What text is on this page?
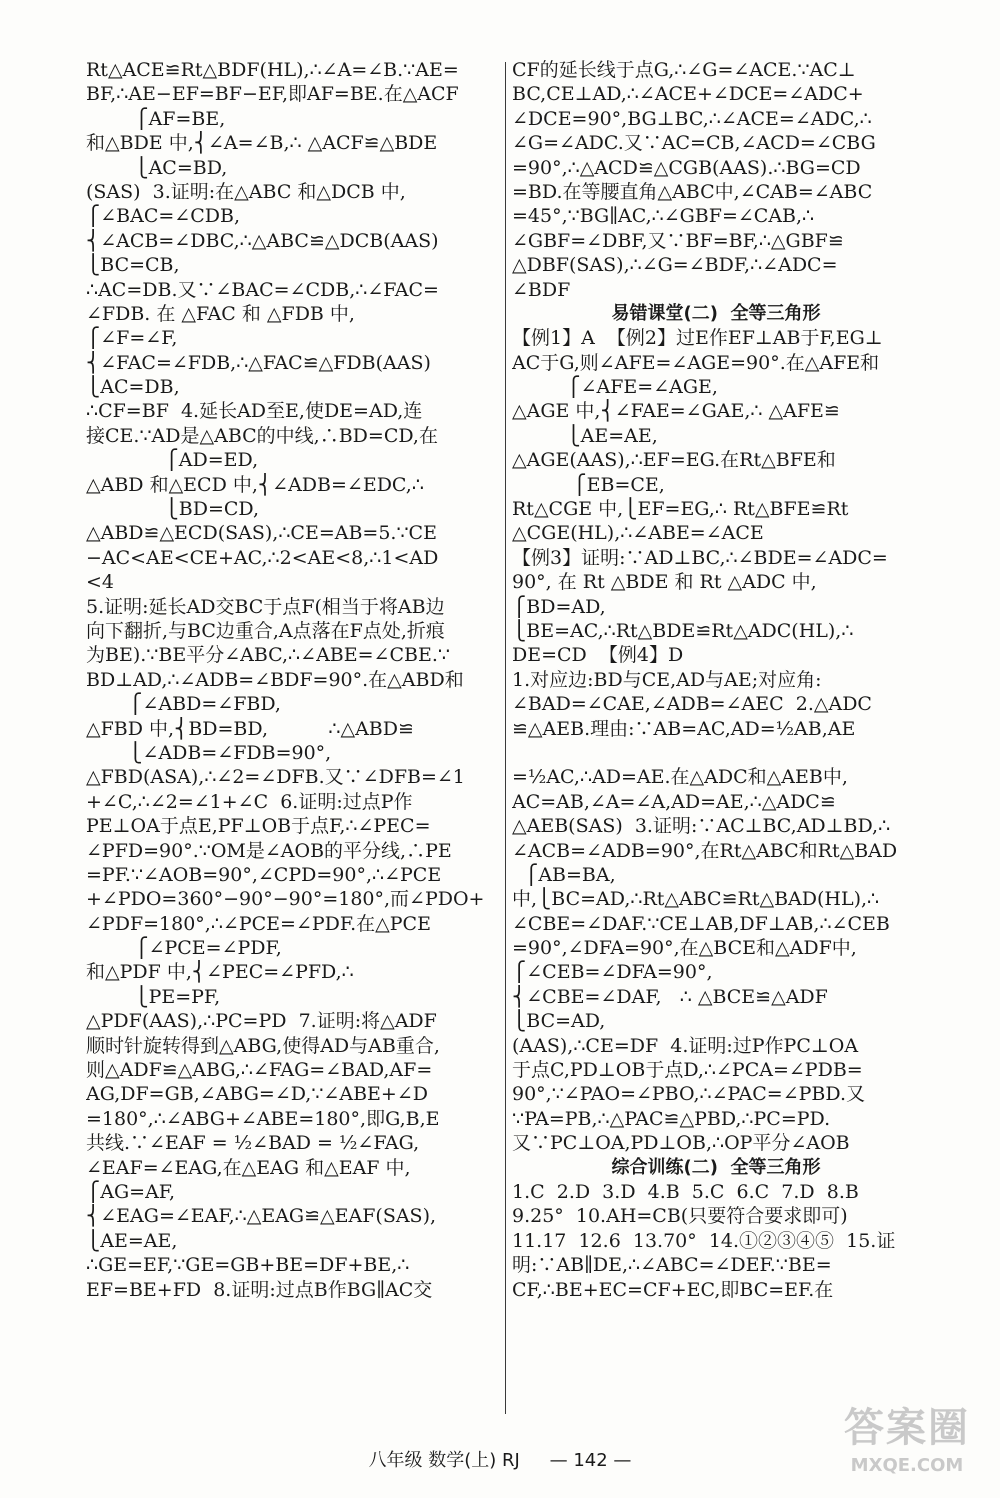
Rt△ACE≌Rt△BDF(HL),∴∠A=∠B.∵AE=
BF,∴AE−EF=BF−EF,即AF=BE.在△ACF
⎧AF=BE,
和△BDE 中,⎨∠A=∠B,∴ △ACF≌△BDE
⎩AC=BD,
(SAS)  3.证明:在△ABC 和△DCB 中,
⎧∠BAC=∠CDB,
⎨∠ACB=∠DBC,∴△ABC≌△DCB(AAS)
⎩BC=CB,
∴AC=DB.又∵∠BAC=∠CDB,∴∠FAC=
∠FDB. 在 △FAC 和 △FDB 中,
⎧∠F=∠F,
⎨∠FAC=∠FDB,∴△FAC≌△FDB(AAS)
⎩AC=DB,
∴CF=BF  4.延长AD至E,使DE=AD,连
接CE.∵AD是△ABC的中线,∴BD=CD,在
⎧AD=ED,
△ABD 和△ECD 中,⎨∠ADB=∠EDC,∴
⎩BD=CD,
△ABD≌△ECD(SAS),∴CE=AB=5.∵CE
−AC<AE<CE+AC,∴2<AE<8,∴1<AD
<4
5.证明:延长AD交BC于点F(相当于将AB边
向下翻折,与BC边重合,A点落在F点处,折痕
为BE).∵BE平分∠ABC,∴∠ABE=∠CBE.∵
BD⊥AD,∴∠ADB=∠BDF=90°.在△ABD和
⎧∠ABD=∠FBD,
△FBD 中,⎨BD=BD,          ∴△ABD≌
⎩∠ADB=∠FDB=90°,
△FBD(ASA),∴∠2=∠DFB.又∵∠DFB=∠1
+∠C,∴∠2=∠1+∠C  6.证明:过点P作
PE⊥OA于点E,PF⊥OB于点F,∴∠PEC=
∠PFD=90°.∵OM是∠AOB的平分线,∴PE
=PF.∵∠AOB=90°,∠CPD=90°,∴∠PCE
+∠PDO=360°−90°−90°=180°,而∠PDO+
∠PDF=180°,∴∠PCE=∠PDF.在△PCE
⎧∠PCE=∠PDF,
和△PDF 中,⎨∠PEC=∠PFD,∴
⎩PE=PF,
△PDF(AAS),∴PC=PD  7.证明:将△ADF
顺时针旋转得到△ABG,使得AD与AB重合,
则△ADF≌△ABG,∴∠FAG=∠BAD,AF=
AG,DF=GB,∠ABG=∠D,∵∠ABE+∠D
=180°,∴∠ABG+∠ABE=180°,即G,B,E
共线.∵∠EAF = ½∠BAD = ½∠FAG,
∠EAF=∠EAG,在△EAG 和△EAF 中,
⎧AG=AF,
⎨∠EAG=∠EAF,∴△EAG≌△EAF(SAS),
⎩AE=AE,
∴GE=EF,∵GE=GB+BE=DF+BE,∴
EF=BE+FD  8.证明:过点B作BG∥AC交
CF的延长线于点G,∴∠G=∠ACE.∵AC⊥
BC,CE⊥AD,∴∠ACE+∠DCE=∠ADC+
∠DCE=90°,BG⊥BC,∴∠ACE=∠ADC,∴
∠G=∠ADC.又∵AC=CB,∠ACD=∠CBG
=90°,∴△ACD≌△CGB(AAS).∴BG=CD
=BD.在等腰直角△ABC中,∠CAB=∠ABC
=45°,∵BG∥AC,∴∠GBF=∠CAB,∴
∠GBF=∠DBF,又∵BF=BF,∴△GBF≌
△DBF(SAS),∴∠G=∠BDF,∴∠ADC=
∠BDF
易错课堂(二)  全等三角形
【例1】A  【例2】过E作EF⊥AB于F,EG⊥
AC于G,则∠AFE=∠AGE=90°.在△AFE和
⎧∠AFE=∠AGE,
△AGE 中,⎨∠FAE=∠GAE,∴ △AFE≌
⎩AE=AE,
△AGE(AAS),∴EF=EG.在Rt△BFE和
⎧EB=CE,
Rt△CGE 中,⎩EF=EG,∴ Rt△BFE≌Rt
△CGE(HL),∴∠ABE=∠ACE
【例3】证明:∵AD⊥BC,∴∠BDE=∠ADC=
90°, 在 Rt △BDE 和 Rt △ADC 中,
⎧BD=AD,
⎩BE=AC,∴Rt△BDE≌Rt△ADC(HL),∴
DE=CD  【例4】D
1.对应边:BD与CE,AD与AE;对应角:
∠BAD=∠CAE,∠ADB=∠AEC  2.△ADC
≌△AEB.理由:∵AB=AC,AD=½AB,AE
=½AC,∴AD=AE.在△ADC和△AEB中,
AC=AB,∠A=∠A,AD=AE,∴△ADC≌
△AEB(SAS)  3.证明:∵AC⊥BC,AD⊥BD,∴
∠ACB=∠ADB=90°,在Rt△ABC和Rt△BAD
⎧AB=BA,
中,⎩BC=AD,∴Rt△ABC≌Rt△BAD(HL),∴
∠CBE=∠DAF.∵CE⊥AB,DF⊥AB,∴∠CEB
=90°,∠DFA=90°,在△BCE和△ADF中,
⎧∠CEB=∠DFA=90°,
⎨∠CBE=∠DAF,   ∴ △BCE≌△ADF
⎩BC=AD,
(AAS),∴CE=DF  4.证明:过P作PC⊥OA
于点C,PD⊥OB于点D,∴∠PCA=∠PDB=
90°,∵∠PAO=∠PBO,∴∠PAC=∠PBD.又
∵PA=PB,∴△PAC≌△PBD,∴PC=PD.
又∵PC⊥OA,PD⊥OB,∴OP平分∠AOB
综合训练(二)  全等三角形
1.C  2.D  3.D  4.B  5.C  6.C  7.D  8.B
9.25°  10.AH=CB(只要符合要求即可)
11.17  12.6  13.70°  14.①②③④⑤  15.证
明:∵AB∥DE,∴∠ABC=∠DEF.∵BE=
CF,∴BE+EC=CF+EC,即BC=EF.在
八年级 数学(上) RJ — 142 —
答案圈
MXQE.COM
